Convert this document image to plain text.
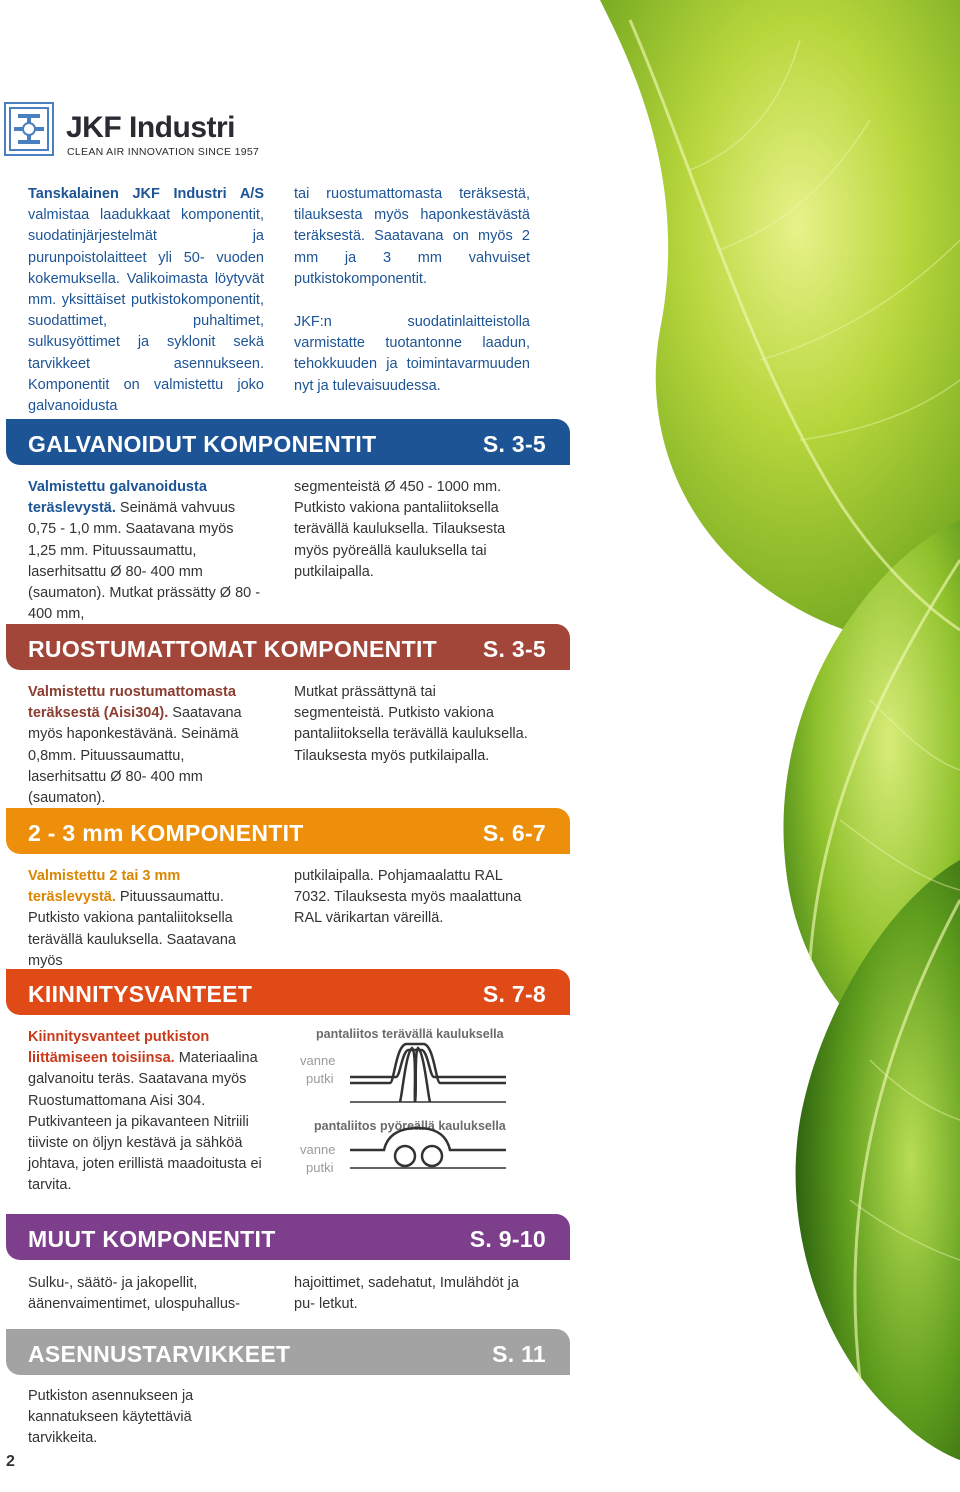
JKF Industri
CLEAN AIR INNOVATION SINCE 1957
Tanskalainen JKF Industri A/S valmistaa laadukkaat komponentit, suodatinjärjestelmät ja purunpoistolaitteet yli 50- vuoden kokemuksella. Valikoimasta löytyvät mm. yksittäiset putkistokomponentit, suodattimet, puhaltimet, sulkusyöttimet ja syklonit sekä tarvikkeet asennukseen. Komponentit on valmistettu joko galvanoidusta
tai ruostumattomasta teräksestä, tilauksesta myös haponkestävästä teräksestä. Saatavana on myös 2 mm ja 3 mm vahvuiset putkistokomponentit.
JKF:n suodatinlaitteistolla varmistatte tuotantonne laadun, tehokkuuden ja toimintavarmuuden nyt ja tulevaisuudessa.
GALVANOIDUT KOMPONENTIT	S. 3-5
Valmistettu galvanoidusta teräslevystä. Seinämä vahvuus 0,75 - 1,0 mm. Saatavana myös 1,25 mm. Pituussaumattu, laserhitsattu Ø 80- 400 mm (saumaton). Mutkat prässätty Ø 80 - 400 mm,
segmenteistä Ø 450 - 1000 mm. Putkisto vakiona pantaliitoksella terävällä kauluksella. Tilauksesta myös pyöreällä kauluksella tai putkilaipalla.
RUOSTUMATTOMAT KOMPONENTIT S. 3-5
Valmistettu ruostumattomasta teräksestä (Aisi304). Saatavana myös haponkestävänä. Seinämä 0,8mm. Pituussaumattu, laserhitsattu Ø 80- 400 mm (saumaton).
Mutkat prässättynä tai segmenteistä. Putkisto vakiona pantaliitoksella terävällä kauluksella. Tilauksesta myös putkilaipalla.
2 - 3 mm KOMPONENTIT	S. 6-7
Valmistettu 2 tai 3 mm teräslevystä. Pituussaumattu. Putkisto vakiona pantaliitoksella terävällä kauluksella. Saatavana myös
putkilaipalla. Pohjamaalattu RAL 7032. Tilauksesta myös maalattuna RAL värikartan väreillä.
KIINNITYSVANTEET	S. 7-8
Kiinnitysvanteet putkiston liittämiseen toisiinsa. Materiaalina galvanoitu teräs. Saatavana myös Ruostumattomana Aisi 304. Putkivanteen ja pikavanteen Nitriili tiiviste on öljyn kestävä ja sähköä johtava, joten erillistä maadoitusta ei tarvita.
pantaliitos terävällä kauluksella
vanne
putki
pantaliitos pyöreällä kauluksella
vanne
putki
MUUT KOMPONENTIT	S. 9-10
Sulku-, säätö- ja jakopellit, äänenvaimentimet, ulospuhallus-
hajoittimet, sadehatut, Imulähdöt ja pu- letkut.
ASENNUSTARVIKKEET	S. 11
Putkiston asennukseen ja kannatukseen käytettäviä tarvikkeita.
2
